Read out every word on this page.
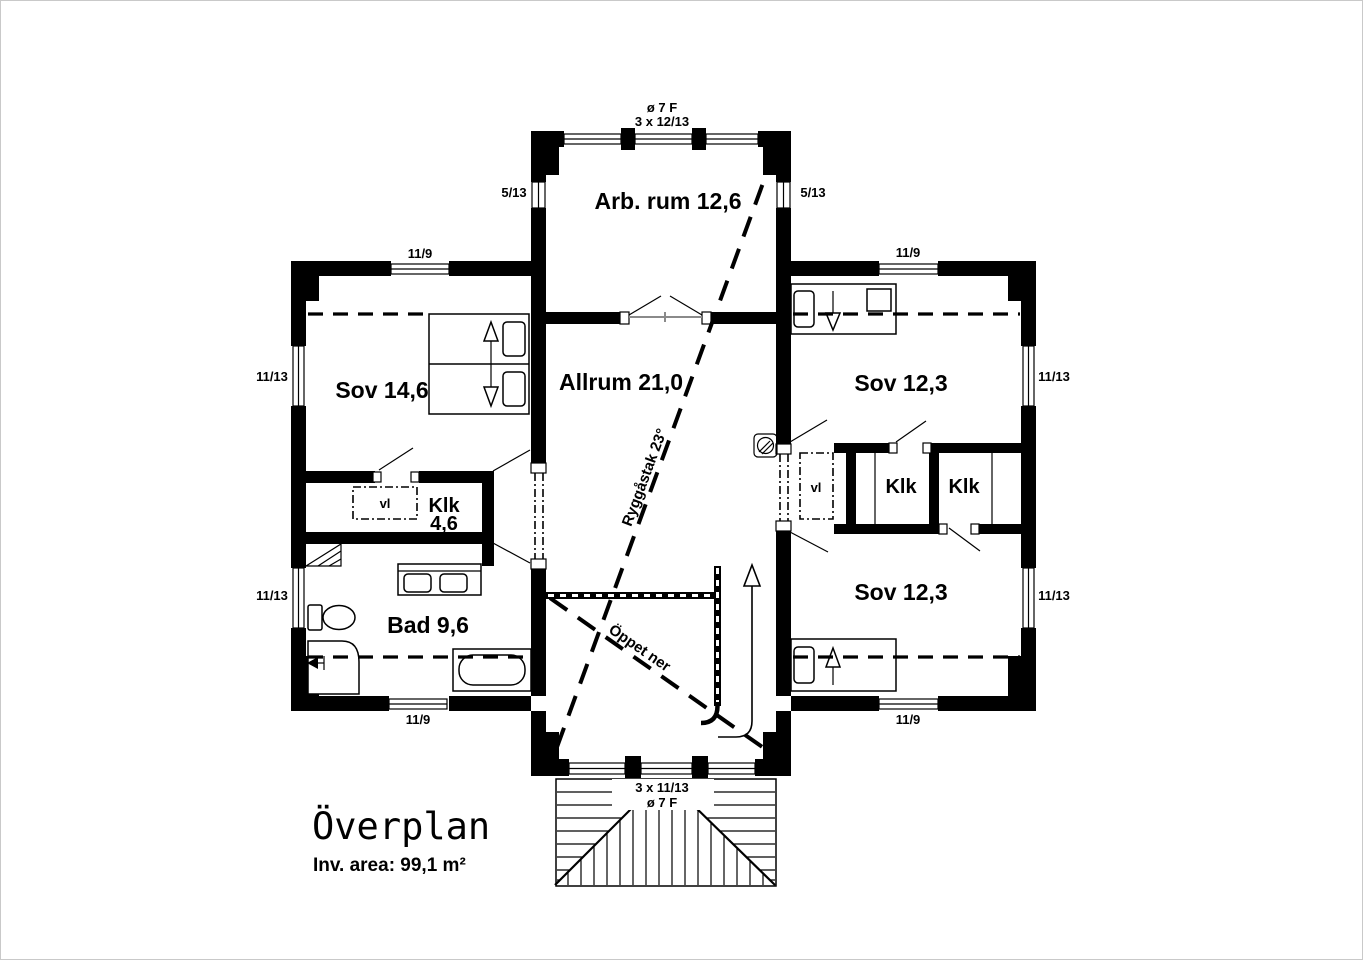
Arb. rum 12,6
Allrum 21,0
Sov 14,6	Sov 12,3
Sov 12,3
Bad 9,6
Klk
4,6
Klk Klk
vl
vl
Ryggåstak 23°
Öppet ner
ø 7 F
3 x 12/13
3 x 11/13
ø 7 F
5/13	5/13
11/9	11/9
11/9	11/9
11/13
11/13
11/13
11/13
Överplan
Inv. area: 99,1 m²
